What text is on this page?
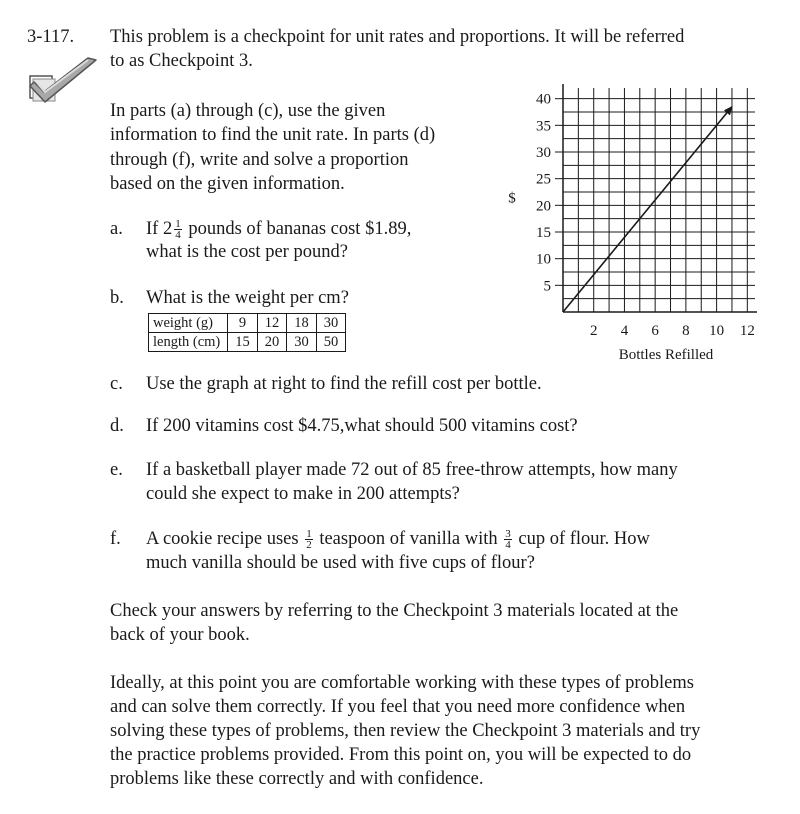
3-117. This problem is a checkpoint for unit rates and proportions. It will be referred
to as Checkpoint 3.
In parts (a) through (c), use the given
information to find the unit rate. In parts (d)
through (f), write and solve a proportion
based on the given information.
a. If $2 \frac{1}{4}$ pounds of bananas cost $1.89,
what is the cost per pound?
b. What is the weight per cm?
weight (g)	9	12	18	30
length (cm)	15	20	30	50
5
10
15
20
25
30
35
40
2 4 6 8 10 12
$
Bottles Refilled
c. Use the graph at right to find the refill cost per bottle.
d. If 200 vitamins cost $4.75,what should 500 vitamins cost?
e. If a basketball player made 72 out of 85 free-throw attempts, how many
could she expect to make in 200 attempts?
f. A cookie recipe uses $\frac{1}{2}$ teaspoon of vanilla with $\frac{3}{4}$ cup of flour. How
much vanilla should be used with five cups of flour?
Check your answers by referring to the Checkpoint 3 materials located at the
back of your book.
Ideally, at this point you are comfortable working with these types of problems
and can solve them correctly. If you feel that you need more confidence when
solving these types of problems, then review the Checkpoint 3 materials and try
the practice problems provided. From this point on, you will be expected to do
problems like these correctly and with confidence.
